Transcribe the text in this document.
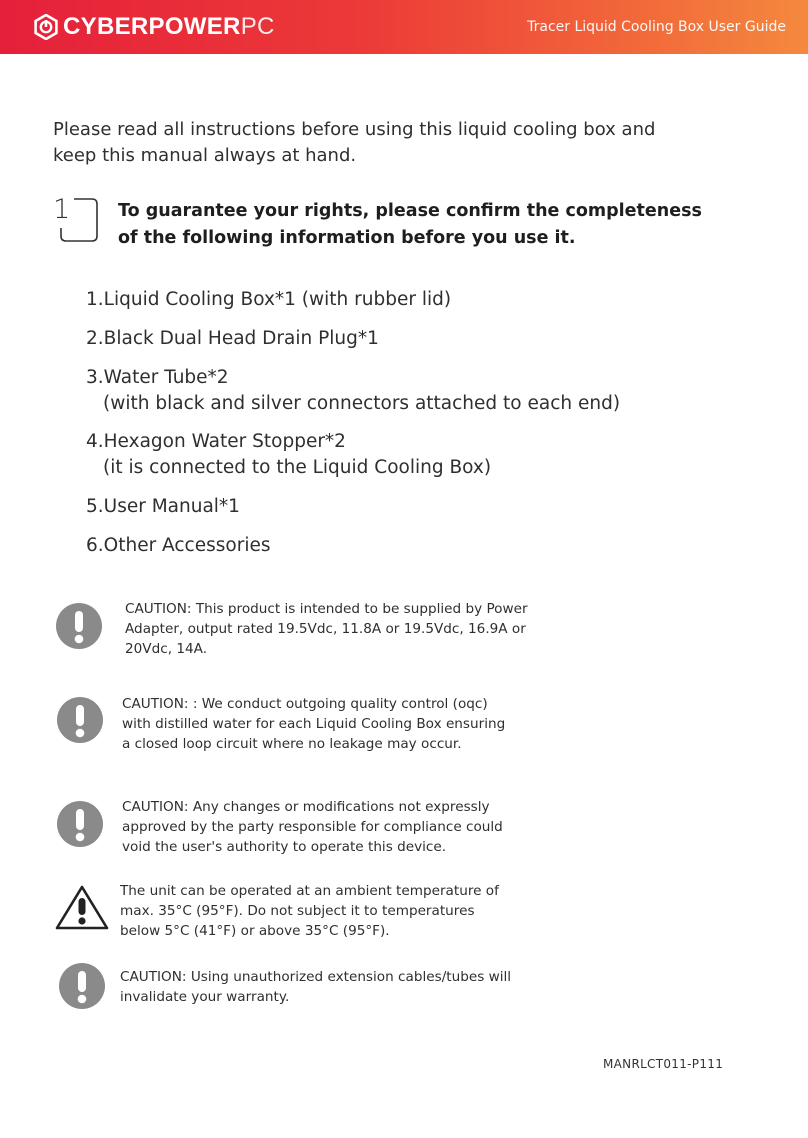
CYBERPOWERPC	Tracer Liquid Cooling Box User Guide

Please read all instructions before using this liquid cooling box and
keep this manual always at hand.

1	To guarantee your rights, please confirm the completeness
of the following information before you use it.

1.Liquid Cooling Box*1 (with rubber lid)
2.Black Dual Head Drain Plug*1
3.Water Tube*2
(with black and silver connectors attached to each end)
4.Hexagon Water Stopper*2
(it is connected to the Liquid Cooling Box)
5.User Manual*1
6.Other Accessories

CAUTION: This product is intended to be supplied by Power
Adapter, output rated 19.5Vdc, 11.8A or 19.5Vdc, 16.9A or
20Vdc, 14A.

CAUTION: : We conduct outgoing quality control (oqc)
with distilled water for each Liquid Cooling Box ensuring
a closed loop circuit where no leakage may occur.

CAUTION: Any changes or modifications not expressly
approved by the party responsible for compliance could
void the user's authority to operate this device.

The unit can be operated at an ambient temperature of
max. 35°C (95°F). Do not subject it to temperatures
below 5°C (41°F) or above 35°C (95°F).

CAUTION: Using unauthorized extension cables/tubes will
invalidate your warranty.

MANRLCT011-P111
